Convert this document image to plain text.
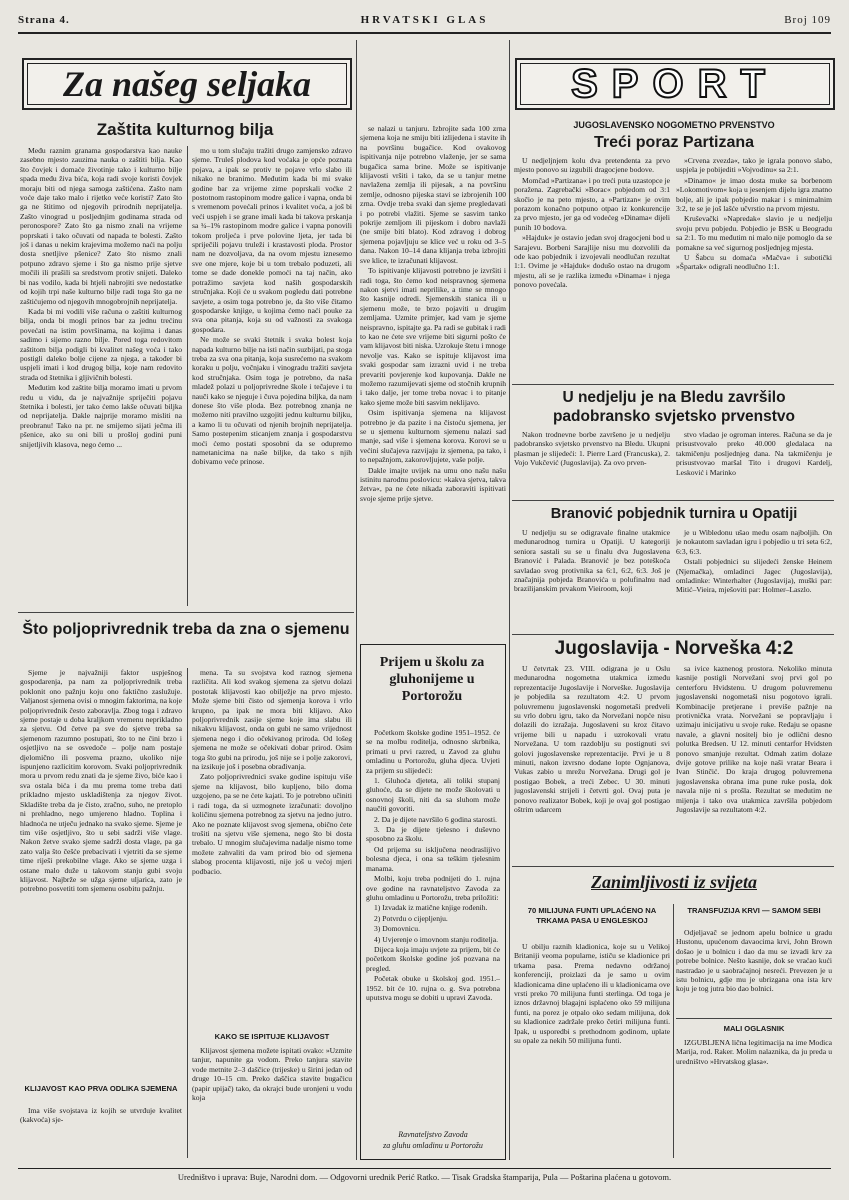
Strana 4.	HRVATSKI GLAS	Broj 109
Za našeg seljaka
Zaštita kulturnog bilja

Među raznim granama gospodarstva kao nauke zasebno mjesto zauzima nauka o zaštiti bilja. Kao što čovjek i domaće životinje tako i kulturno bilje spada među živa bića, koja radi svoje koristi čovjek moraju biti od njega samoga zaštićena. Zašto nam voće daje tako malo i rijetko veće koristi? Zato što ga ne štitimo od njegovih prirodnih neprijatelja. Zašto vinograd u posljednjim godinama strada od peronospore? Zato što ga nismo znali na vrijeme poprskati i tako očuvati od napada te bolesti. Zašto još i danas u nekim krajevima možemo naći na polju dosta snetljive pšenice? Zato što nismo znali potpuno zdravo sjeme i što ga nismo prije sjetve močili ili prašili sa sredstvom protiv snijeti. Daleko bi nas vodilo, kada bi htjeli nabrojiti sve nedostatke od kojih trpi naše kulturno bilje radi toga što ga ne zaštićujemo od njegovih mnogobrojnih neprijatelja.

Kada bi mi vodili više računa o zaštiti kulturnog bilja, onda bi mogli prinos bar za jednu trećinu povećati na istim površinama, na kojima i danas sadimo i sijemo razno bilje. Pored toga redovitom zaštitom bilja podigli bi kvalitet našeg voća i tako postigli daleko bolje cijene za njega, a također bi uspjeli imati i kod drugog bilja, koje nam redovito strada od štetnika i gljivičnih bolesti.

Međutim kod zaštite bilja moramo imati u prvom redu u vidu, da je najvažnije spriječiti pojavu štetnika i bolesti, jer tako ćemo lakše očuvati biljka od neprijatelja. Dakle najprije moramo misliti na preobranu! Tako na pr. ne smijemo sijati ječma ili pšenice, ako su oni bili u prošloj godini puni snijetljivih klasova, nego ćemo ...

mo u tom slučaju tražiti drugo zamjensko zdravo sjeme. Truleš plodova kod voćaka je opće poznata pojava, a ipak se protiv te pojave vrlo slabo ili nikako ne branimo. Međutim kada bi mi svake godine bar za vrijeme zime poprskali voćke 2 postotnom rastopinom modre galice i vapna, onda bi s vremenom povećali prinos i kvalitet voća, a još bi veći uspjeh i se grane imali kada bi takova prskanja sa ¾–1% rastopinom modre galice i vapna ponovili tokom proljeća i prve polovine ljeta, jer tada bi spriječili pojavu truleži i krastavosti ploda. Prostor nam ne dozvoljava, da na ovom mjestu iznesemo sve one mjere, koje bi u tom trebalo poduzeti, ali tome se dade donekle pomoći na taj način, ako potražimo savjeta kod naših gospodarskih stručnjaka. Koji će u svakom pogledu dati potrebne savjete, a osim toga potrebno je, da što više čitamo gospodarske knjige, u kojima ćemo naći pouke za sva ona pitanja, koja su od važnosti za svakoga gospodara.

Ne može se svaki štetnik i svaka bolest koja napada kulturno bilje na isti način suzbijati, pa stoga treba za sva ona pitanja, koja susrećemo na svakom koraku u polju, vočnjaku i vinogradu tražiti savjeta kod stručnjaka. Osim toga je potrebno, da naša mladež polazi u poljoprivredne škole i tečajeve i tu nauči kako se njeguje i čuva pojedina biljka, da nam donese što više ploda. Bez potrebnog znanja ne možemo niti pravilno uzgojiti jednu kulturnu biljku, a kamo li tu očuvati od njenih brojnih neprijatelja. Samo postepenim sticanjem znanja i gospodarstvu moći ćemo postati sposobni da se odupremo nametanicima na naše biljke, da tako s njih dobivamo veće prinose.

Što poljoprivrednik treba da zna o sjemenu

Sjeme je najvažniji faktor uspješnog gospodarenja, pa nam za poljoprivrednik treba poklonit ono pažnju koju ono faktično zaslužuje. Valjanost sjemena ovisi o mnogim faktorima, na koje poljoprivrednik često zaboravlja. Zbog toga i zdravo sjeme postaje u doba kraljkom vremenu neprikladno za sjetvu. Od četve pa sve do sjetve treba sa sjemenom razumno postupati, što to ne čini brzo i osjetljivo na se osvedoče – polje nam postaje djelomično ili posvema prazno, ukoliko nije ispunjeno razlicitim korovom. Svaki poljoprivrednik mora u prvom redu znati da je sjeme živo, biće kao i sva ostala bića i da mu prema tome treba dati prikladno mjesto uskladištenja za njegov život. Skladište treba da je čisto, zračno, suho, ne pretoplo ni prehladno, nego umjereno hladno. Toplina i hladnoća ne utječu jednako na svako sjeme. Sjeme je tim više osjetljivo, što u sebi sadrži više vlage. Nakon žetve svako sjeme sadrži dosta vlage, pa ga zato valja što češće prebacivati i vjetriti da se sjeme time riješi prekobilne vlage. Ako se sjeme uzga i ostane malo duže u takovom stanju gubi svoju klijavost. Najbrže se užga sjeme uljarica, zato je potrebno posvetiti tom sjemenu osobitu pažnju.

KLIJAVOST KAO PRVA ODLIKA SJEMENA

Ima više svojstava iz kojih se utvrđuje kvalitet (kakvoća) sje-

mena. Ta su svojstva kod raznog sjemena različita. Ali kod svakog sjemena za sjetvu dolazi postotak klijavosti kao obilježje na prvo mjesto. Može sjeme biti čisto od sjemenja korova i vrlo krupno, pa ipak ne mora biti klijavo. Ako poljoprivrednik zasije sjeme koje ima slabu ili nikakvu klijavost, onda on gubi ne samo vrijednost sjemena nego i dio očekivanog priroda. Od lošeg sjemena ne može se očekivati dobar prirod. Osim toga što gubi na prirodu, još nije se i polje zakorovi, na izsikuje još i posebna obrađivanja.

Zato poljoprivrednici svake godine ispituju više sjeme na klijavost, bilo kupljeno, bilo doma uzgojeno, pa se ne ćete kajati. To je potrebno učiniti i radi toga, da si uzmognete izračunati: dovoljno količinu sjemena potrebnog za sjetvu na jedno jutro. Ako ne poznate klijavost svog sjemena, obično ćete trošiti na sjetvu više sjemena, nego što bi dosta trebalo. U mnogim slučajevima nadalje nismo tome možete zahvaliti da vam prirod bio od sjemena slabog procenta klijavosti, nije još u većoj mjeri podbacio.

KAKO SE ISPITUJE KLIJAVOST

Klijavost sjemena možete ispitati ovako: »Uzmite tanjur, napunite ga vodom. Preko tanjura stavite vode metnite 2–3 daščice (trijeske) u širini jedan od druge 10–15 cm. Preko daščica stavite bugačicu (papir upijač) tako, da okrajci bude uronjeni u vodu koja

se nalazi u tanjuru. Izbrojite sada 100 zrna sjemena koja ne smiju biti izlijedena i stavite ih na površinu bugačice. Kod ovakovog ispitivanja nije potrebno vlaženje, jer se sama bugačica sama brine. Može se ispitivanje klijavosti vršiti i tako, da se u tanjur metne navlažena zemlja ili pijesak, a na površinu zemlje, odnosno pijeska stavi se izbrojenih 100 zrna. Ovdje treba svaki dan sjeme pregledavati i po potrebi vlažiti. Sjeme se sasvim tanko pokrije zemljom ili pijeskom i dobro navlaži (ne smije biti blato). Kod zdravog i dobrog sjemena pojavljuju se klice već u roku od 3–5 dana. Nakon 10–14 dana klijanja treba izbrojiti sve klice, te izračunati klijavost.

To ispitivanje klijavosti potrebno je izvršiti i radi toga, što ćemo kod neispravnog sjemena nakon sjetvi imati neprilike, a time se mnogo što kasnije odredi. Sjemenskih stanica ili u sjemenu može, te brzo pojaviti u drugim zemljama. Uzmite primjer, kad vam je sjeme neispravno, ispitajte ga. Pa radi se gubitak i radi to kao ne ćete sve vrijeme biti sigurni pošto će vam klijavost biti niska. Uzrokuje štetu i mnoge nevolje vas. Kako se ispituje klijavost ima svaki gospodar sam izrazni uvid i ne treba prevariti povjerenje kod kupovanja. Dakle ne možemo razumijevati sjeme od stočnih krupnih i tako dalje, jer tome treba novac i to pitanje kako sjeme može biti sasvim neklijavo.

Osim ispitivanja sjemena na klijavost potrebno je da pazite i na čistoću sjemena, jer se u sjemenu kulturnom sjemenu nalazi sad manje, sad više i sjemena korova. Korovi se u većini slučajeva razvijaju iz sjemena, pa tako, i to nepažnjom, zakorovljujete, vaše polje.

Dakle imajte uvijek na umu ono našu našu istinitu narodnu poslovicu: »kakva sjetva, takva žetva«, pa ne ćete nikada zaboraviti ispitivati svoje sjeme prije sjetve.

Prijem u školu za gluhonijeme u Portorožu

Početkom školske godine 1951–1952. će se na molbu roditelja, odnosno skrbnika, primati u prvi razred, u Zavod za gluhu omladinu u Portorožu, gluha djeca. Uvjeti za prijem su slijedeći:

1. Gluhoća djeteta, ali toliki stupanj gluhoće, da se dijete ne može školovati u osnovnoj školi, niti da sa sluhom može naučiti govoriti.

2. Da je dijete navršilo 6 godina starosti.

3. Da je dijete tjelesno i duševno sposobno za školu.

Od prijema su isključena neodraslijivo bolesna djeca, i ona sa teškim tjelesnim manama.

Molbi, koju treba podnijeti do 1. rujna ove godine na ravnateljstvo Zavoda za gluhu omladinu u Portorožu, treba priložiti:

1) Izvadak iz matične knjige rođenih.

2) Potvrdu o cijepljenju.

3) Domovnicu.

4) Uvjerenje o imovnom stanju roditelja.

Dijeca koja imaju uvjete za prijem, bit će početkom školske godine još pozvana na pregled.

Početak obuke u školskoj god. 1951.–1952. bit će 10. rujna o. g. Sva potrebna uputstva mogu se dobiti u upravi Zavoda.

Ravnateljstvo Zavoda
za gluhu omladinu u Portorožu
SPORT
JUGOSLAVENSKO NOGOMETNO PRVENSTVO
Treći poraz Partizana

U nedjeljnjem kolu dva pretendenta za prvo mjesto ponovo su izgubili dragocjene bodove.

Momčad »Partizana« i po treći puta uzastopce je poražena. Zagrebački »Borac« pobjedom od 3:1 skočio je na peto mjesto, a »Partizan« je ovim porazom konačno potpuno otpao iz konkurencije za prvo mjesto, jer ga od vodećeg »Dinama« dijeli punih 10 bodova.

»Hajduk« je ostavio jedan svoj dragocjeni bod u Sarajevu. Borbeni Sarajlije nisu mu dozvolili da ode kao pobjednik i izvojevali neodlučan rezultat 1:1. Ovime je »Hajduk« dodušo ostao na drugom mjestu, ali se je razlika između »Dinama« i njega ponovo povećala.

»Crvena zvezda«, tako je igrala ponovo slabo, uspjela je pobijediti »Vojvodinu« sa 2:1.

»Dinamo« je imao dosta muke sa borbenom »Lokomotivom« koja u jesenjem dijelu igra znatno bolje, ali je ipak pobjedio makar i s minimalnim 3:2, te se je još lašće učvrstio na prvom mjestu.

Kruševački »Napredak« slavio je u nedjelju svoju prvu pobjedu. Pobjedio je BSK u Beogradu sa 2:1. To mu međutim ni malo nije pomoglo da se pomakne sa već sigurnog posljednjeg mjesta.

U Šabcu su domaća »Mačva« i subotički »Špartak« odigrali neodlučno 1:1.

U nedjelju je na Bledu završilo padobransko svjetsko prvenstvo

Nakon trodnevne borbe završeno je u nedjelju padobransko svjetsko prvenstvo na Bledu. Ukupni plasman je slijedeći: 1. Pierre Lard (Francuska), 2. Vojo Vukčević (Jugoslavija). Za ovo prven-

stvo vladao je ogroman interes. Računa se da je prisustvovalo preko 40.000 gledalaca na takmičenju posljednjeg dana. Na takmičenju je prisustvovao maršal Tito i drugovi Kardelj, Lesković i Marinko

Branović pobjednik turnira u Opatiji

U nedjelju su se odigravale finalne utakmice međunarodnog turnira u Opatiji. U kategoriji seniora sastali su se u finalu dva Jugoslavena Branović i Palada. Branović je bez poteškoća savladao svog protivnika sa 6:1, 6:2, 6:3. Još je značajnija pobjeda Branovića u polufinalnu nad brazilijanskim prvakom Vieiroom, koji

je u Wibledonu ušao među osam najboljih. On je nokautom savladan igru i pobjedio u tri seta 6:2, 6:3, 6:3.

Ostali pobjednici su slijedeći ženske Heinem (Njemačka), omladinci Jagec (Jugoslavija), omladinke: Winterhalter (Jugoslavija), muški par: Mitić–Vieira, mješoviti par: Holmer–Laszlo.

Jugoslavija - Norveška 4:2

U četvrtak 23. VIII. odigrana je u Oslu međunarodna nogometna utakmica između reprezentacije Jugoslavije i Norveške. Jugoslavija je pobjedila sa rezultatom 4:2. U prvom poluvremenu jugoslavenski nogometaši predveli su vrlo dobru igru, tako da Norvežani nopće nisu dolazili do izražaja. Jugoslaveni su kroz čitavo vrijeme bili u napadu i uzrokovali vratu Norvežana. U tom razdoblju su postignuti svi golovi jugoslavenske reprezentacije. Prvi je u 8 minuti, nakon izvrsno dodane lopte Ognjanova, Vukas zabio u mrežu Norvežana. Drugi gol je postigao Bobek, a treći Zebec. U 30. minuti jugoslavenski strijeli i četvrti gol. Ovaj puta je ponovo realizator Bobek, koji je ovaj gol postigao oštrim udarcem

sa ivice kaznenog prostora. Nekoliko minuta kasnije postigli Norvežani svoj prvi gol po centerforu Hvidstenu. U drugom poluvremenu jugoslavenski nogometaši nisu pogotovo igrali. Kombinacije pretjerane i previše pažnje na protivnička vrata. Norvežani se popravljaju i uzimaju inicijativu u svoje ruke. Ređaju se opasne navale, a glavni nositelj bio je odlični desno polutka Bredsen. U 12. minuti centarfor Hvidsten ponovo smanjuje rezultat. Odmah zatim dolaze dvije gotove prilike na koje naši vratar Beara i Ivan Stinčić. Do kraja drugog poluvremena jugoslavenska obrana ima pune ruke posla, dok navala nije ni s prošla. Rezultat se međutim ne mijenja i tako ova utakmica završila pobjedom Jugoslavije sa rezultatom 4:2.

Zanimljivosti iz svijeta
70 MILIJUNA FUNTI UPLAĆENO NA TRKAMA PASA U ENGLESKOJ

U obilju raznih kladionica, koje su u Velikoj Britaniji veoma popularne, ističu se kladionice pri trkama pasa. Prema nedavno održanoj konferenciji, proizlazi da je samo u ovim kladionicama dine uplaćeno ili u kladionicama ove vrsti preko 70 milijuna funti sterlinga. Od toga je iznos državnoj blagajni isplaćeno oko 59 milijuna funti, na porez je otpalo oko sedam milijuna, dok su kladionice zadržale preko četiri milijuna funti. Ipak, u usporedbi s prethodnom godinom, uplate su opale za nekih 50 milijuna funti.

TRANSFUZIJA KRVI — SAMOM SEBI

Odjeljavač se jednom apelu bolnice u gradu Hustonu, upućenom davaocima krvi, John Brown došao je u bolnicu i dao da mu se izvadi krv za potrebe bolnice. Nešto kasnije, dok se vraćao kući nastradao je u saobraćajnoj nesreći. Prevezen je u istu bolnicu, gdje mu je ubrizgana ona ista krv koju je tog jutra bio dao bolnici.

MALI OGLASNIK

IZGUBLJENA lična legitimacija na ime Modica Marija, rod. Raker. Molim nalaznika, da ju preda u uredništvo »Hrvatskog glasa«.

Uredništvo i uprava: Buje, Narodni dom. — Odgovorni urednik Perić Ratko. — Tisak Gradska štamparija, Pula — Poštarina plaćena u gotovom.
